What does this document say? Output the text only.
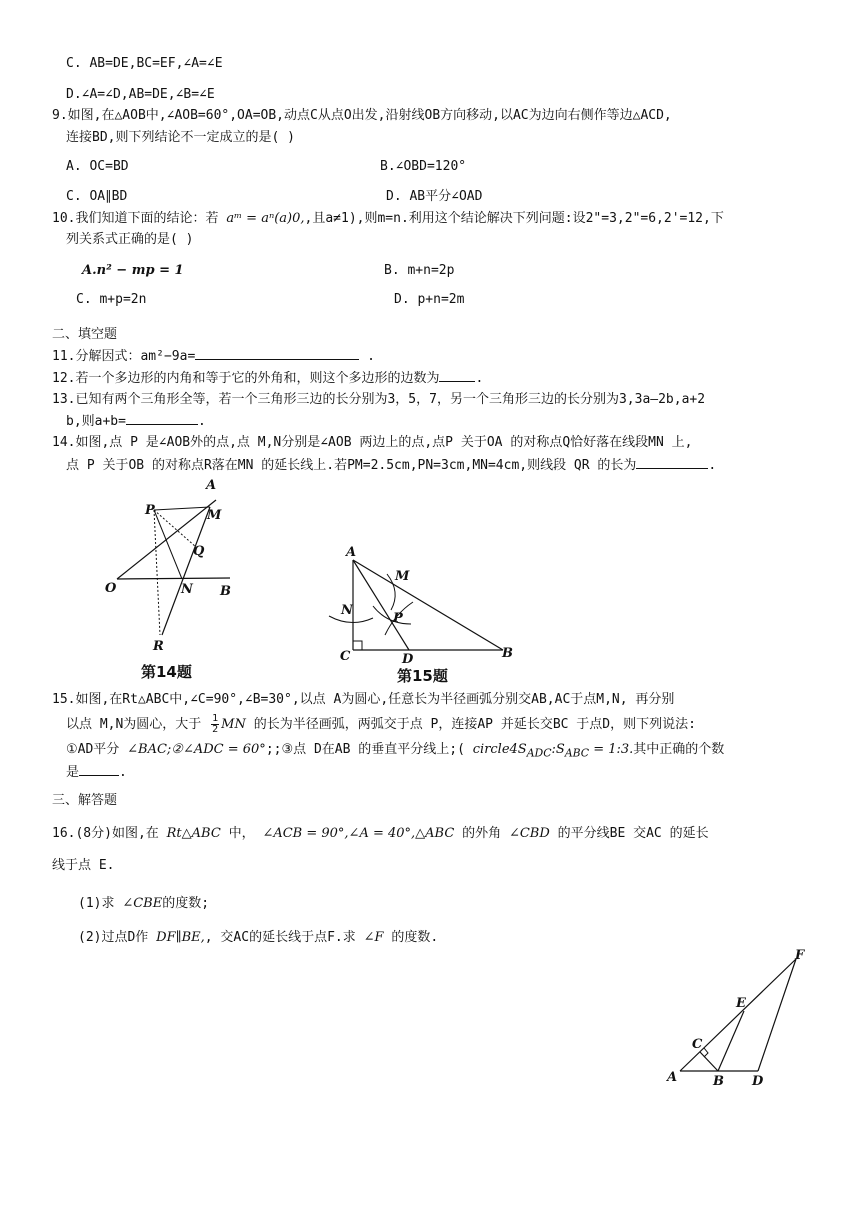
C. AB=DE,BC=EF,∠A=∠E
D.∠A=∠D,AB=DE,∠B=∠E
9.如图,在△AOB中,∠AOB=60°,OA=OB,动点C从点O出发,沿射线OB方向移动,以AC为边向右侧作等边△ACD,
连接BD,则下列结论不一定成立的是( )
A. OC=BD	B.∠OBD=120°
C. OA∥BD	D. AB平分∠OAD
10.我们知道下面的结论：若 aᵐ = aⁿ(a)0,,且a≠1),则m=n.利用这个结论解决下列问题:设2"=3,2"=6,2'=12,下
列关系式正确的是( )
A.n² − mp = 1	B. m+n=2p
C. m+p=2n	D. p+n=2m
二、填空题
11.分解因式：am²−9a=	.
12.若一个多边形的内角和等于它的外角和，则这个多边形的边数为	.
13.已知有两个三角形全等，若一个三角形三边的长分别为3，5，7，另一个三角形三边的长分别为3,3a—2b,a+2
b,则a+b=	.
14.如图,点 P 是∠AOB外的点,点 M,N分别是∠AOB 两边上的点,点P 关于OA 的对称点Q恰好落在线段MN 上,
点 P 关于OB 的对称点R落在MN 的延长线上.若PM=2.5cm,PN=3cm,MN=4cm,则线段 QR 的长为	.
A
P	M
Q
O	N B
R
第14题
A
M
N
P
C	D	B
第15题
15.如图,在Rt△ABC中,∠C=90°,∠B=30°,以点 A为圆心,任意长为半径画弧分别交AB,AC于点M,N, 再分别
以点 M,N为圆心，大于 $\frac{1}{2}$ MN 的长为半径画弧，两弧交于点 P，连接AP 并延长交BC 于点D，则下列说法:
①AD平分 ∠BAC;②∠ADC = 60°;;③点 D在AB 的垂直平分线上;( $circle4S_{ADC}:S_{ABC}$ = 1:3.其中正确的个数
是	.
三、解答题
16.(8分)如图,在 Rt△ABC 中， ∠ACB = 90°,∠A = 40°,△ABC 的外角 ∠CBD 的平分线BE 交AC 的延长
线于点 E.
(1)求 ∠CBE的度数;
(2)过点D作 DF∥BE,, 交AC的延长线于点F.求 ∠F 的度数.
F
E
C
A	B D
